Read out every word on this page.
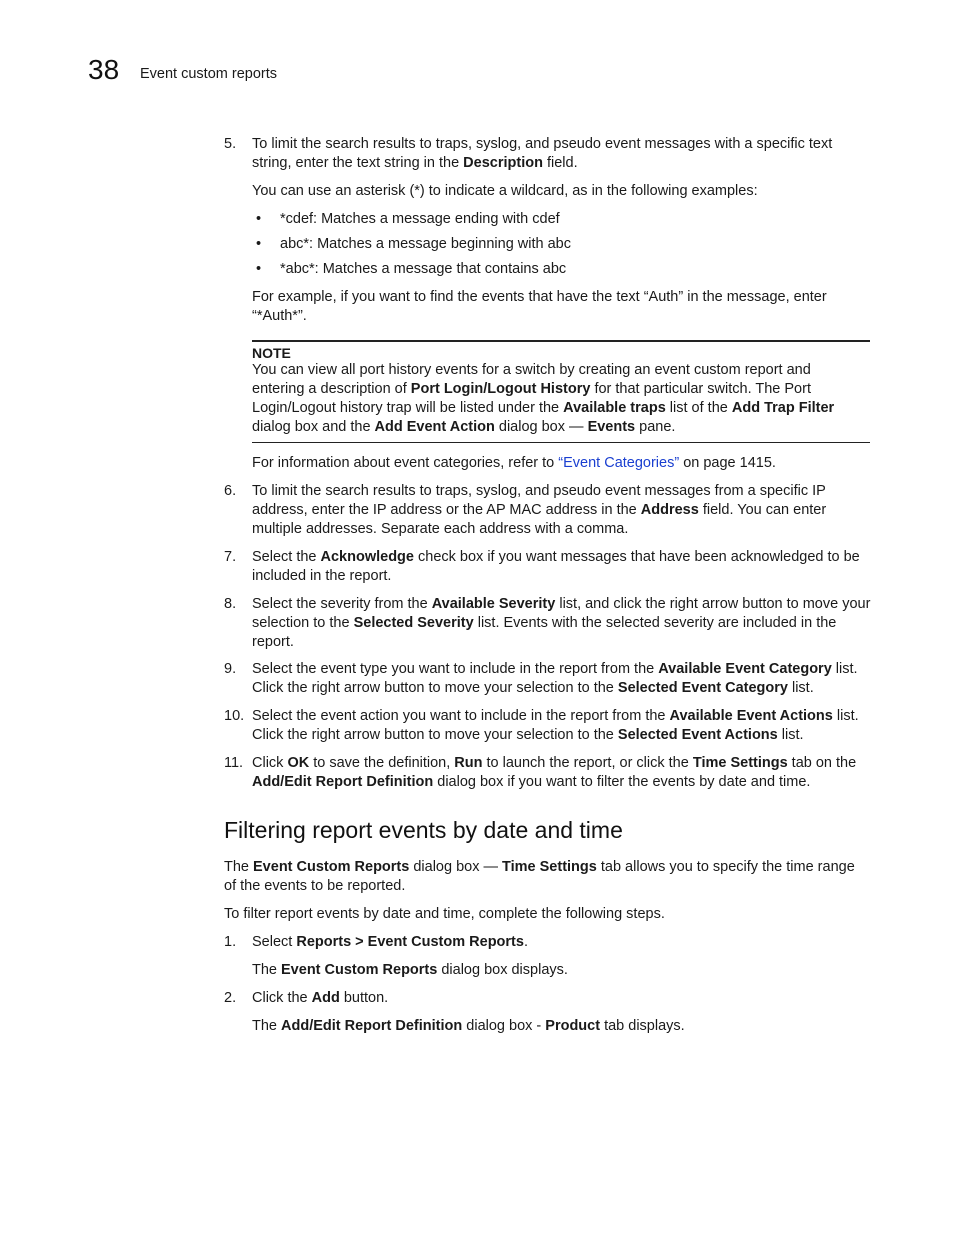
38 Event custom reports
5.	To limit the search results to traps, syslog, and pseudo event messages with a specific text string, enter the text string in the Description field.
You can use an asterisk (*) to indicate a wildcard, as in the following examples:
• *cdef: Matches a message ending with cdef
• abc*: Matches a message beginning with abc
• *abc*: Matches a message that contains abc
For example, if you want to find the events that have the text “Auth” in the message, enter “*Auth*”.
NOTE
You can view all port history events for a switch by creating an event custom report and entering a description of Port Login/Logout History for that particular switch. The Port Login/Logout history trap will be listed under the Available traps list of the Add Trap Filter dialog box and the Add Event Action dialog box — Events pane.
For information about event categories, refer to “Event Categories” on page 1415.
6.	To limit the search results to traps, syslog, and pseudo event messages from a specific IP address, enter the IP address or the AP MAC address in the Address field. You can enter multiple addresses. Separate each address with a comma.
7.	Select the Acknowledge check box if you want messages that have been acknowledged to be included in the report.
8.	Select the severity from the Available Severity list, and click the right arrow button to move your selection to the Selected Severity list. Events with the selected severity are included in the report.
9.	Select the event type you want to include in the report from the Available Event Category list. Click the right arrow button to move your selection to the Selected Event Category list.
10. Select the event action you want to include in the report from the Available Event Actions list. Click the right arrow button to move your selection to the Selected Event Actions list.
11. Click OK to save the definition, Run to launch the report, or click the Time Settings tab on the Add/Edit Report Definition dialog box if you want to filter the events by date and time.
Filtering report events by date and time
The Event Custom Reports dialog box — Time Settings tab allows you to specify the time range of the events to be reported.
To filter report events by date and time, complete the following steps.
1.	Select Reports > Event Custom Reports.
The Event Custom Reports dialog box displays.
2.	Click the Add button.
The Add/Edit Report Definition dialog box - Product tab displays.
